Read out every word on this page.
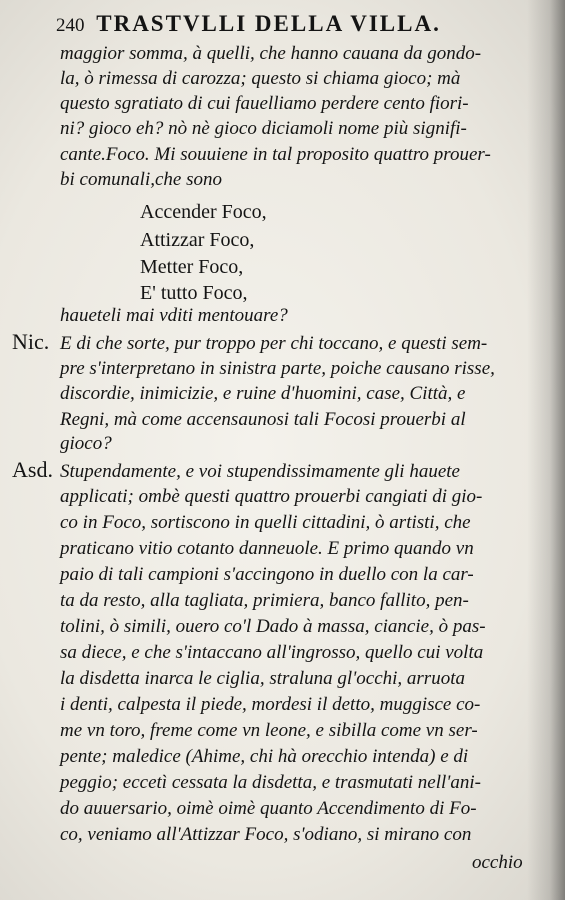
240 TRASTVLLI DELLA VILLA.
maggior somma, à quelli, che hanno cauana da gondo-
la, ò rimessa di carozza; questo si chiama gioco; mà
questo sgratiato di cui fauelliamo perdere cento fiori-
ni? gioco eh? nò nè gioco diciamoli nome più signifi-
cante.Foco. Mi souuiene in tal proposito quattro prouer-
bi comunali,che sono
Accender Foco,
Attizzar Foco,
Metter Foco,
E' tutto Foco,
haueteli mai vditi mentouare?
Nic. E di che sorte, pur troppo per chi toccano, e questi sem-
pre s'interpretano in sinistra parte, poiche causano risse,
discordie, inimicizie, e ruine d'huomini, case, Città, e
Regni, mà come accensaunosi tali Focosi prouerbi al
gioco?
Asd. Stupendamente, e voi stupendissimamente gli hauete
applicati; ombè questi quattro prouerbi cangiati di gio-
co in Foco, sortiscono in quelli cittadini, ò artisti, che
praticano vitio cotanto danneuole. E primo quando vn
paio di tali campioni s'accingono in duello con la car-
ta da resto, alla tagliata, primiera, banco fallito, pen-
tolini, ò simili, ouero co'l Dado à massa, ciancie, ò pas-
sa diece, e che s'intaccano all'ingrosso, quello cui volta
la disdetta inarca le ciglia, straluna gl'occhi, arruota
i denti, calpesta il piede, mordesi il detto, muggisce co-
me vn toro, freme come vn leone, e sibilla come vn ser-
pente; maledice (Ahime, chi hà orecchio intenda) e di
peggio; eccetì cessata la disdetta, e trasmutati nell'ani-
do auuersario, oimè oimè quanto Accendimento di Fo-
co, veniamo all'Attizzar Foco, s'odiano, si mirano con
occhio
